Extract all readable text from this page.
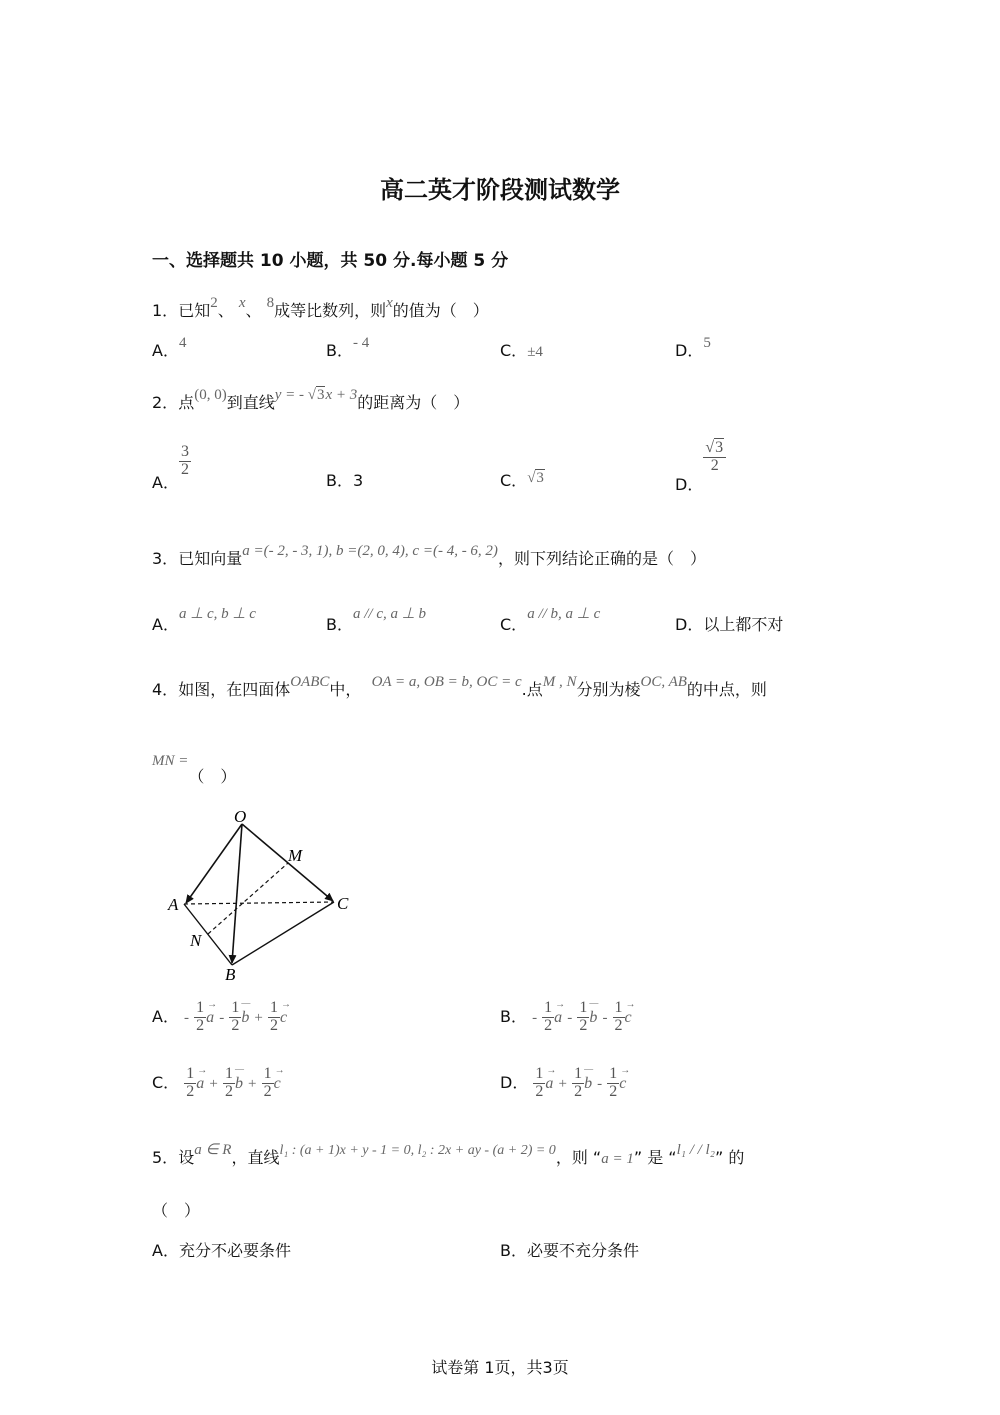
高二英才阶段测试数学
一、选择题共 10 小题，共 50 分.每小题 5 分
1．已知2、 x、 8成等比数列，则x的值为（　）
A．4	B．- 4	C．±4	D．5
2．点(0, 0)到直线y = - √3x + 3的距离为（　）
A．
$\frac{3}{2}$
B．3	C．√3	D．
$\frac{√3}{2}$
3．已知向量a =(- 2, - 3, 1), b =(2, 0, 4), c =(- 4, - 6, 2)，则下列结论正确的是（　）
A．a ⊥ c, b ⊥ c
B．a // c, a ⊥ b
C．a // b, a ⊥ c
D．以上都不对
4．如图，在四面体OABC中， OA = a, OB = b, OC = c.点M , N分别为棱OC, AB的中点，则
MN =（　）
O
M
A	C
N
B
A． - $\frac{1}{2}$ a → - $\frac{1}{2}$ b — + $\frac{1}{2}$ c →	B． - $\frac{1}{2}$ a → - $\frac{1}{2}$ b — - $\frac{1}{2}$ c →
C． $\frac{1}{2}$ a → + $\frac{1}{2}$ b — + $\frac{1}{2}$ c →	D． $\frac{1}{2}$ a → + $\frac{1}{2}$ b — - $\frac{1}{2}$ c →
5．设a ∈ R，直线l₁ : (a + 1)x + y - 1 = 0, l₂ : 2x + ay - (a + 2) = 0，则 “a = 1” 是 “l₁ / / l₂” 的
（　）
A．充分不必要条件	B．必要不充分条件
试卷第 1页，共3页
